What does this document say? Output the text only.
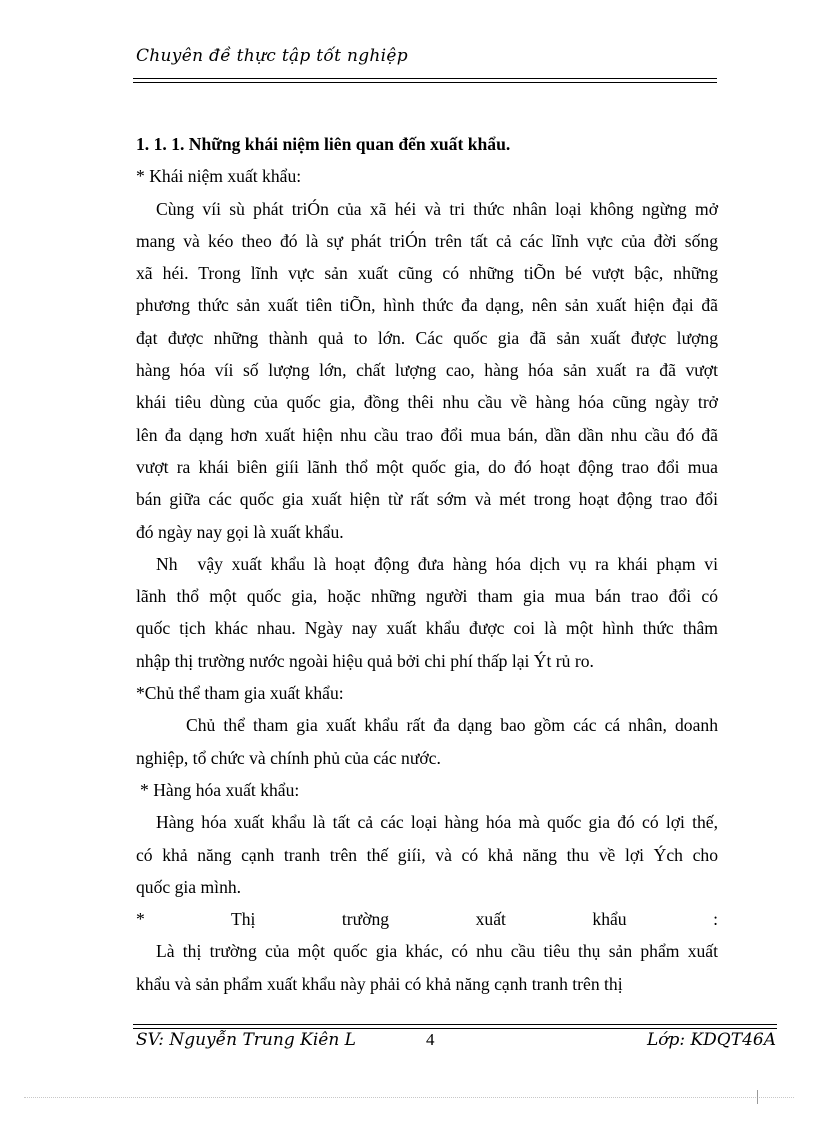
Chuyên đề thực tập tốt nghiệp
1. 1. 1. Những khái niệm liên quan đến xuất khẩu.
* Khái niệm xuất khẩu:
Cùng víi sù phát triÓn của xã héi và tri thức nhân loại không ngừng mở
mang và kéo theo đó là sự phát triÓn trên tất cả các lĩnh vực của đời sống
xã héi. Trong lĩnh vực sản xuất cũng có những tiÕn bé vượt bậc, những
phương thức sản xuất tiên tiÕn, hình thức đa dạng, nên sản xuất hiện đại đã
đạt được những thành quả to lớn. Các quốc gia đã sản xuất được lượng
hàng hóa víi số lượng lớn, chất lượng cao, hàng hóa sản xuất ra đã vượt
khái tiêu dùng của quốc gia, đồng thêi nhu cầu về hàng hóa cũng ngày trở
lên đa dạng hơn xuất hiện nhu cầu trao đổi mua bán, dần dần nhu cầu đó đã
vượt ra khái biên giíi lãnh thổ một quốc gia, do đó hoạt động trao đổi mua
bán giữa các quốc gia xuất hiện từ rất sớm và mét trong hoạt động trao đổi
đó ngày nay gọi là xuất khẩu.
Nh vậy xuất khẩu là hoạt động đưa hàng hóa dịch vụ ra khái phạm vi
lãnh thổ một quốc gia, hoặc những người tham gia mua bán trao đổi có
quốc tịch khác nhau. Ngày nay xuất khẩu được coi là một hình thức thâm
nhập thị trường nước ngoài hiệu quả bởi chi phí thấp lại Ýt rủ ro.
*Chủ thể tham gia xuất khẩu:
Chủ thể tham gia xuất khẩu rất đa dạng bao gồm các cá nhân, doanh
nghiệp, tổ chức và chính phủ của các nước.
* Hàng hóa xuất khẩu:
Hàng hóa xuất khẩu là tất cả các loại hàng hóa mà quốc gia đó có lợi thế,
có khả năng cạnh tranh trên thế giíi, và có khả năng thu về lợi Ých cho
quốc gia mình.
* Thị trường xuất khẩu :
Là thị trường của một quốc gia khác, có nhu cầu tiêu thụ sản phẩm xuất
khẩu và sản phẩm xuất khẩu này phải có khả năng cạnh tranh trên thị
SV: Nguyễn Trung Kiên L	4	Lớp: KDQT46A
